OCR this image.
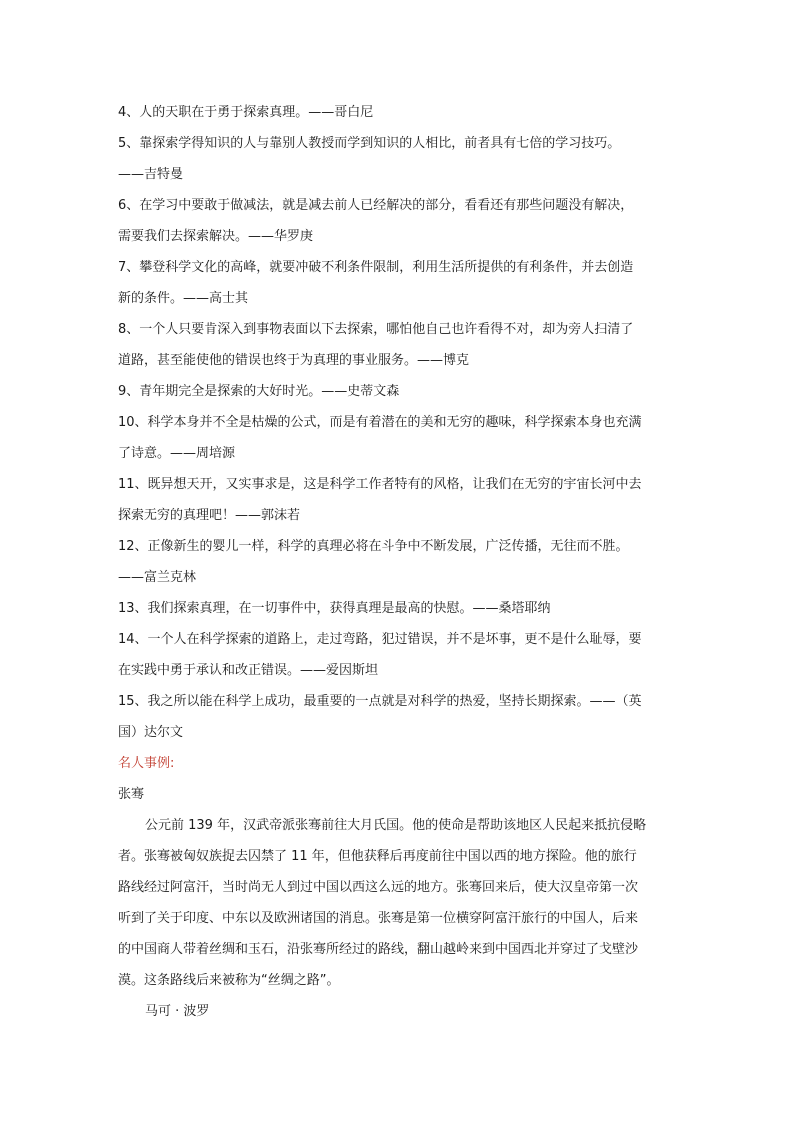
4、人的天职在于勇于探索真理。——哥白尼
5、靠探索学得知识的人与靠别人教授而学到知识的人相比，前者具有七倍的学习技巧。
——吉特曼
6、在学习中要敢于做减法，就是减去前人已经解决的部分，看看还有那些问题没有解决，
需要我们去探索解决。——华罗庚
7、攀登科学文化的高峰，就要冲破不利条件限制，利用生活所提供的有利条件，并去创造
新的条件。——高士其
8、一个人只要肯深入到事物表面以下去探索，哪怕他自己也许看得不对，却为旁人扫清了
道路，甚至能使他的错误也终于为真理的事业服务。——博克
9、青年期完全是探索的大好时光。——史蒂文森
10、科学本身并不全是枯燥的公式，而是有着潜在的美和无穷的趣味，科学探索本身也充满
了诗意。——周培源
11、既异想天开，又实事求是，这是科学工作者特有的风格，让我们在无穷的宇宙长河中去
探索无穷的真理吧！——郭沫若
12、正像新生的婴儿一样，科学的真理必将在斗争中不断发展，广泛传播，无往而不胜。
——富兰克林
13、我们探索真理，在一切事件中，获得真理是最高的快慰。——桑塔耶纳
14、一个人在科学探索的道路上，走过弯路，犯过错误，并不是坏事，更不是什么耻辱，要
在实践中勇于承认和改正错误。——爱因斯坦
15、我之所以能在科学上成功，最重要的一点就是对科学的热爱，坚持长期探索。——（英
国）达尔文
名人事例:
张骞
公元前 139 年，汉武帝派张骞前往大月氏国。他的使命是帮助该地区人民起来抵抗侵略
者。张骞被匈奴族捉去囚禁了 11 年，但他获释后再度前往中国以西的地方探险。他的旅行
路线经过阿富汗，当时尚无人到过中国以西这么远的地方。张骞回来后，使大汉皇帝第一次
听到了关于印度、中东以及欧洲诸国的消息。张骞是第一位横穿阿富汗旅行的中国人，后来
的中国商人带着丝绸和玉石，沿张骞所经过的路线，翻山越岭来到中国西北并穿过了戈壁沙
漠。这条路线后来被称为“丝绸之路”。
马可 · 波罗
